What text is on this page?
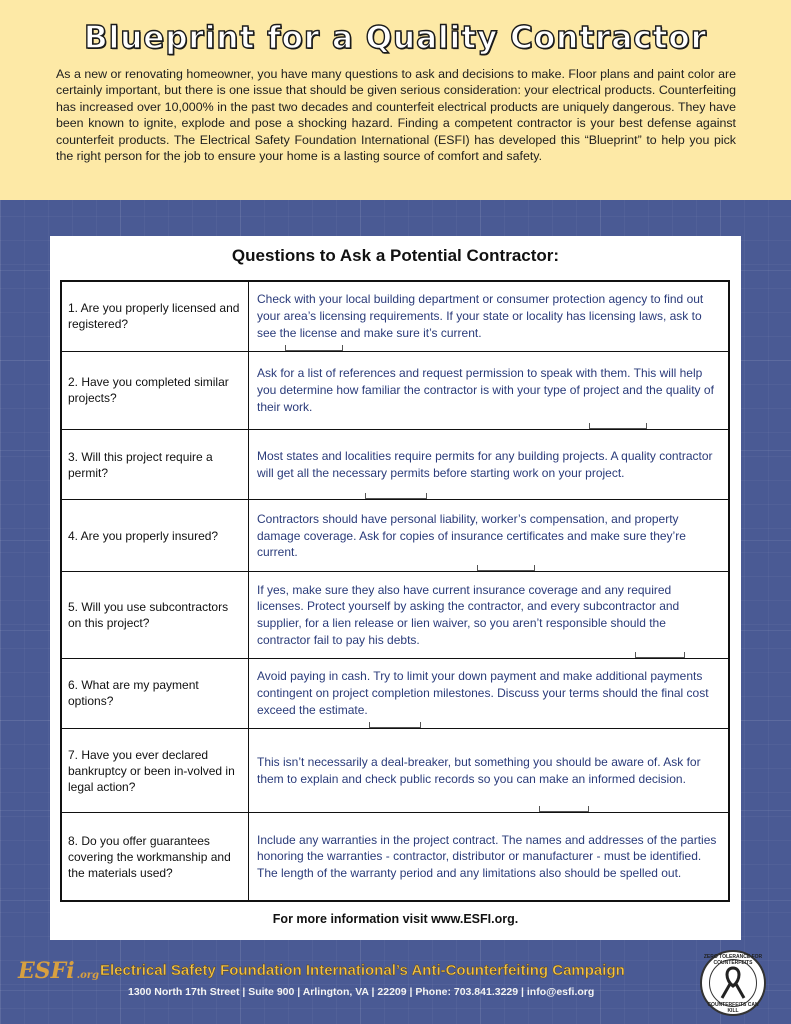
Blueprint for a Quality Contractor
As a new or renovating homeowner, you have many questions to ask and decisions to make. Floor plans and paint color are certainly important, but there is one issue that should be given serious consideration: your electrical products. Counterfeiting has increased over 10,000% in the past two decades and counterfeit electrical products are uniquely dangerous. They have been known to ignite, explode and pose a shocking hazard. Finding a competent contractor is your best defense against counterfeit products. The Electrical Safety Foundation International (ESFI) has developed this “Blueprint” to help you pick the right person for the job to ensure your home is a lasting source of comfort and safety.
Questions to Ask a Potential Contractor:
1. Are you properly licensed and registered?	Check with your local building department or consumer protection agency to find out your area’s licensing requirements. If your state or locality has licensing laws, ask to see the license and make sure it’s current.

2. Have you completed similar projects?	Ask for a list of references and request permission to speak with them. This will help you determine how familiar the contractor is with your type of project and the quality of their work.

3. Will this project require a permit?	Most states and localities require permits for any building projects. A quality contractor will get all the necessary permits before starting work on your project.

4. Are you properly insured?	Contractors should have personal liability, worker’s compensation, and property damage coverage. Ask for copies of insurance certificates and make sure they’re current.

5. Will you use subcontractors on this project?	If yes, make sure they also have current insurance coverage and any required licenses. Protect yourself by asking the contractor, and every subcontractor and supplier, for a lien release or lien waiver, so you aren’t responsible should the contractor fail to pay his debts.

6. What are my payment options?	Avoid paying in cash. Try to limit your down payment and make additional payments contingent on project completion milestones. Discuss your terms should the final cost exceed the estimate.

7. Have you ever declared bankruptcy or been in-volved in legal action?	This isn’t necessarily a deal-breaker, but something you should be aware of. Ask for them to explain and check public records so you can make an informed decision.

8. Do you offer guarantees covering the workmanship and the materials used?	Include any warranties in the project contract. The names and addresses of the parties honoring the warranties - contractor, distributor or manufacturer - must be identified. The length of the warranty period and any limitations also should be spelled out.
For more information visit www.ESFI.org.
ESFi .org Electrical Safety Foundation International’s Anti-Counterfeiting Campaign
1300 North 17th Street | Suite 900 | Arlington, VA | 22209 | Phone: 703.841.3229 | info@esfi.org
ZERO TOLERANCE FOR COUNTERFEITS
COUNTERFEITS CAN KILL
